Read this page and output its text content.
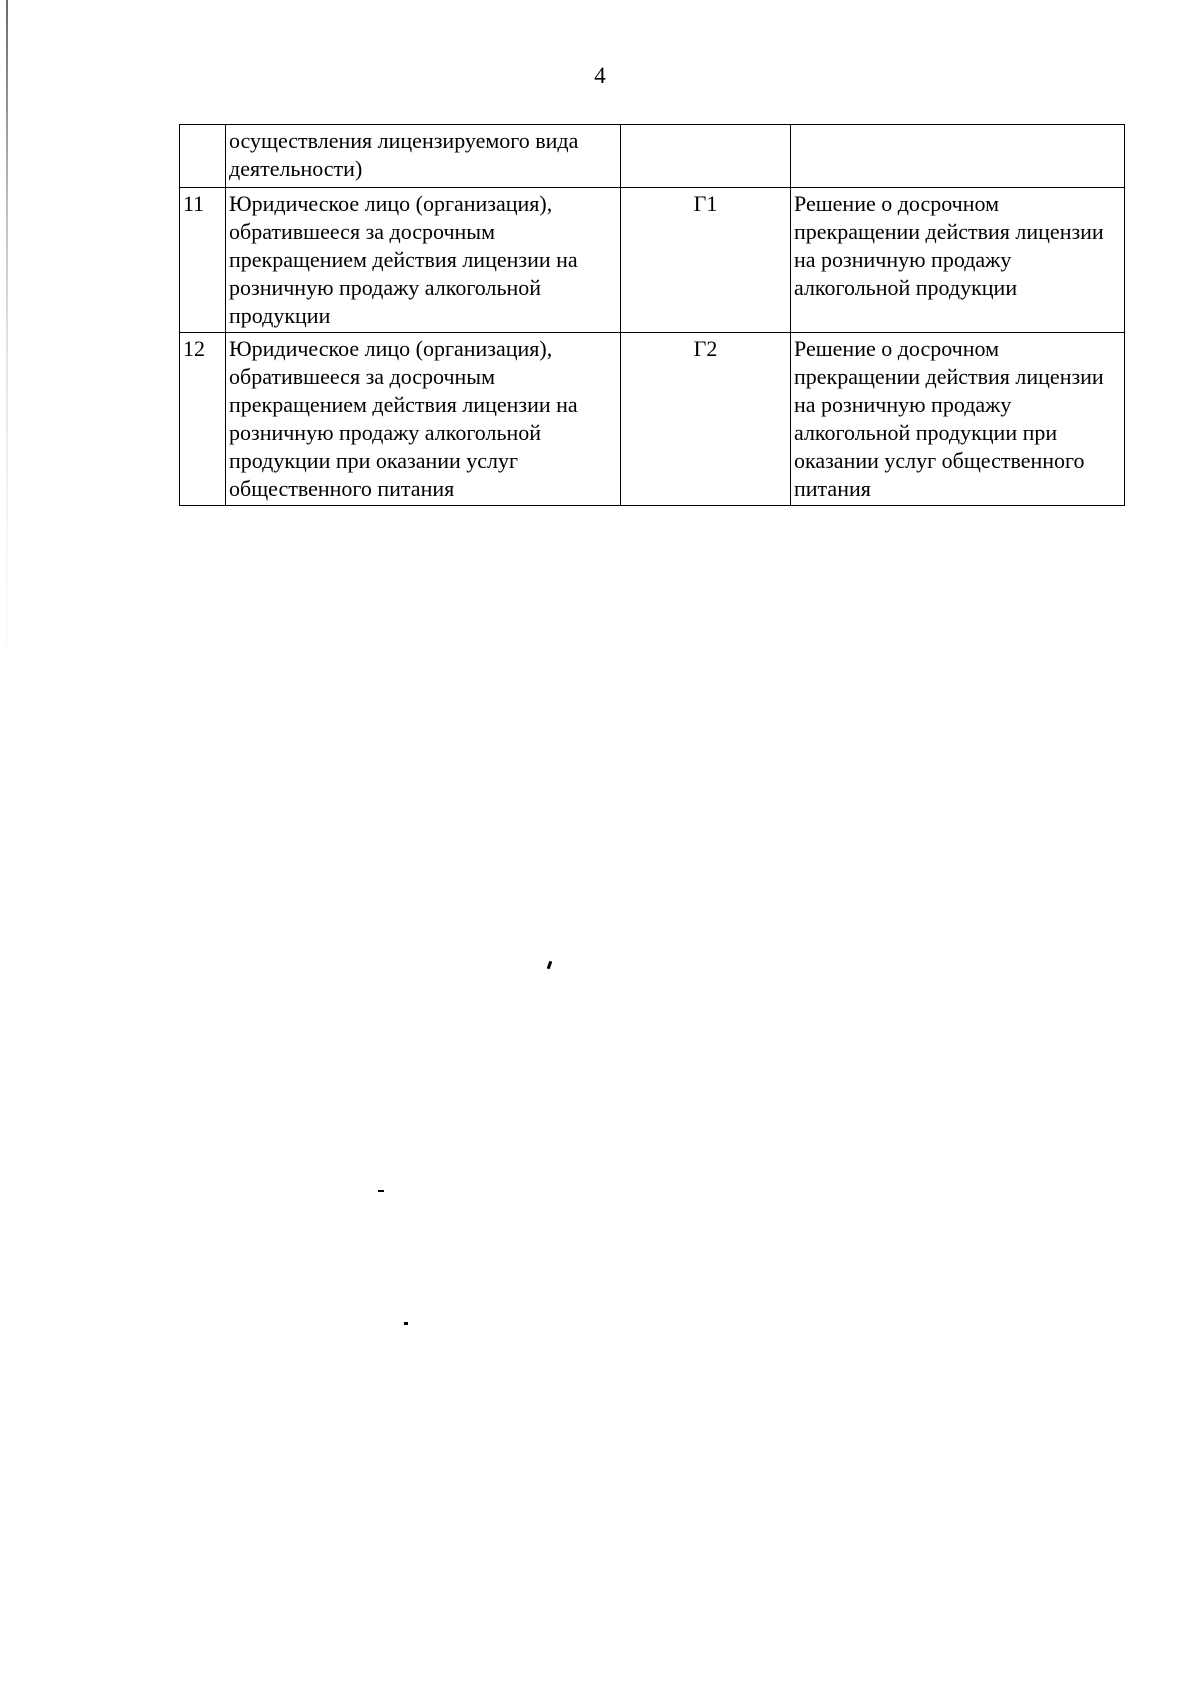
4
	осуществления лицензируемого вида деятельности)		
11	Юридическое лицо (организация), обратившееся за досрочным прекращением действия лицензии на розничную продажу алкогольной продукции	Г1	Решение о досрочном прекращении действия лицензии на розничную продажу алкогольной продукции
12	Юридическое лицо (организация), обратившееся за досрочным прекращением действия лицензии на розничную продажу алкогольной продукции при оказании услуг общественного питания	Г2	Решение о досрочном прекращении действия лицензии на розничную продажу алкогольной продукции при оказании услуг общественного питания
